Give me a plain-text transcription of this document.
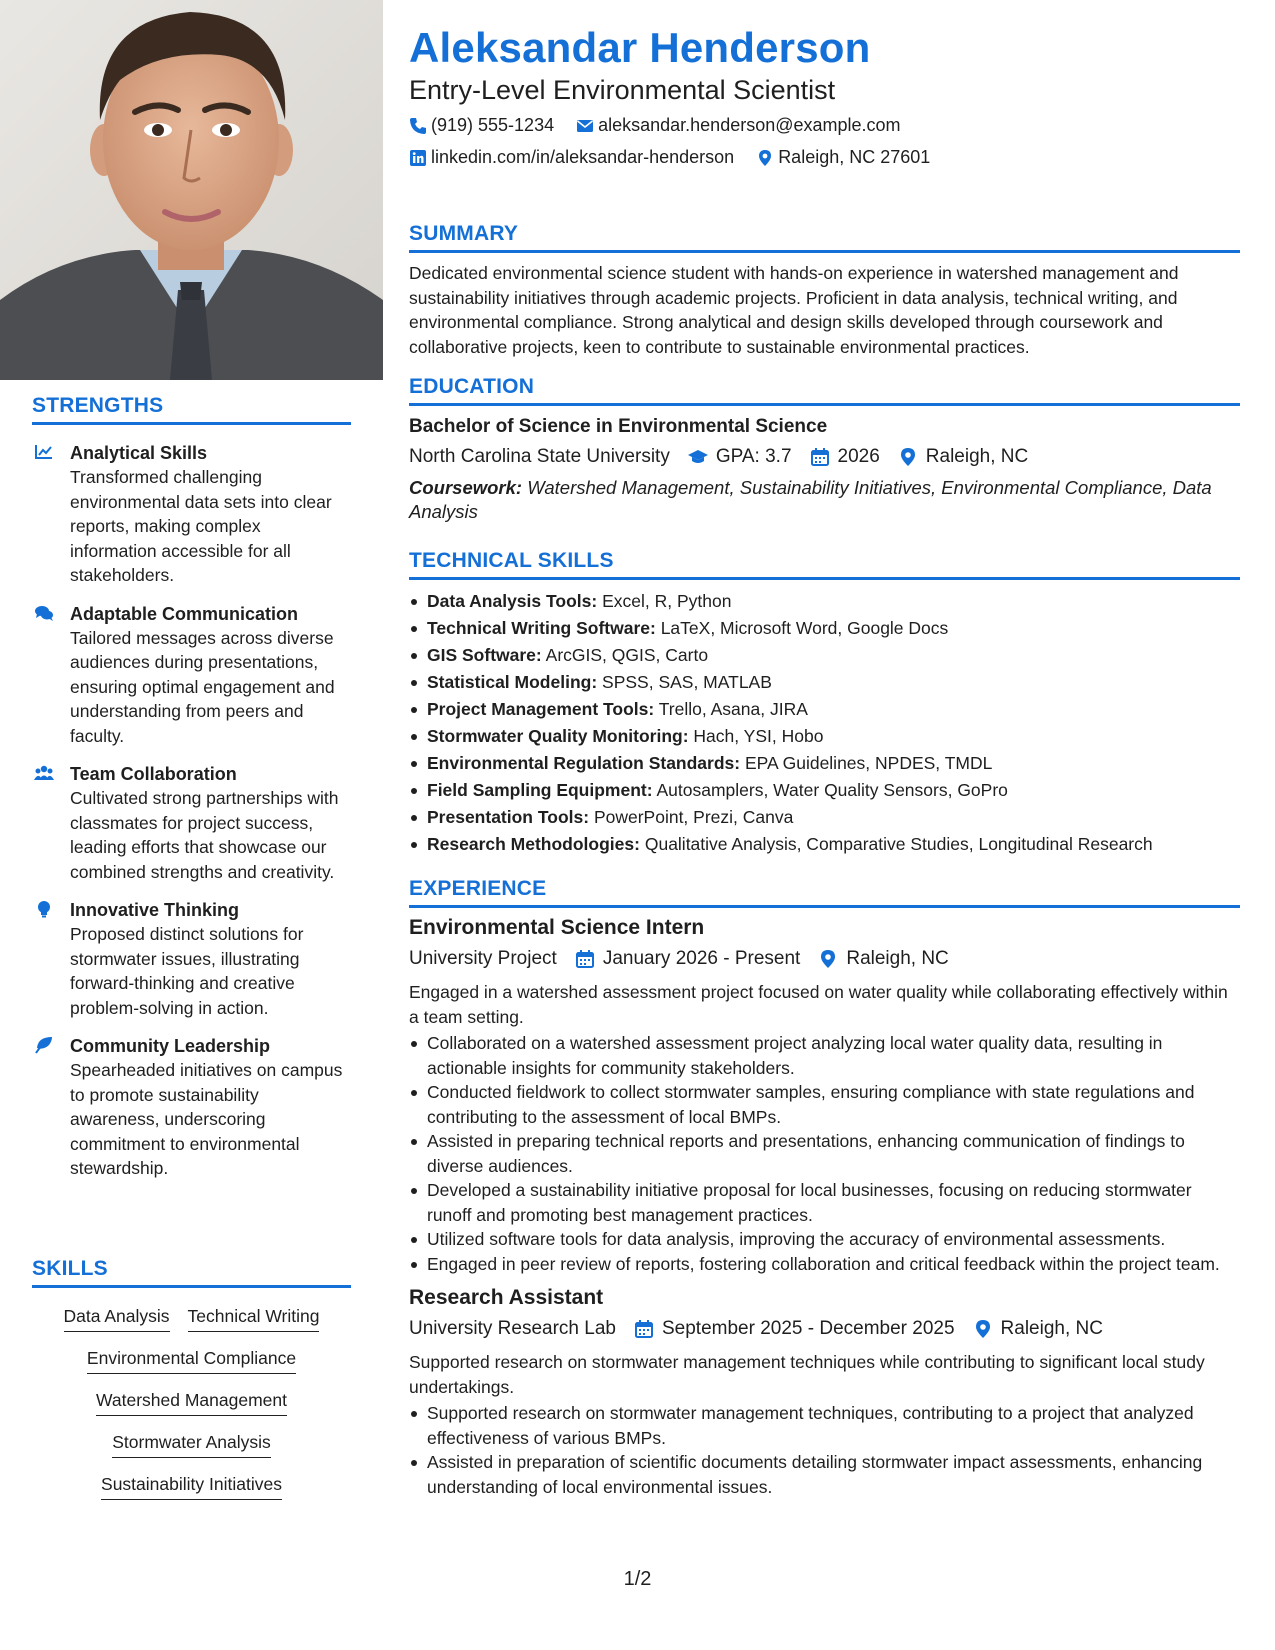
STRENGTHS
Analytical Skills
Transformed challenging environmental data sets into clear reports, making complex information accessible for all stakeholders.
Adaptable Communication
Tailored messages across diverse audiences during presentations, ensuring optimal engagement and understanding from peers and faculty.
Team Collaboration
Cultivated strong partnerships with classmates for project success, leading efforts that showcase our combined strengths and creativity.
Innovative Thinking
Proposed distinct solutions for stormwater issues, illustrating forward-thinking and creative problem-solving in action.
Community Leadership
Spearheaded initiatives on campus to promote sustainability awareness, underscoring commitment to environmental stewardship.
SKILLS
Data Analysis Technical Writing
Environmental Compliance
Watershed Management
Stormwater Analysis
Sustainability Initiatives
Aleksandar Henderson
Entry-Level Environmental Scientist
(919) 555-1234 aleksandar.henderson@example.com
linkedin.com/in/aleksandar-henderson Raleigh, NC 27601
SUMMARY
Dedicated environmental science student with hands-on experience in watershed management and sustainability initiatives through academic projects. Proficient in data analysis, technical writing, and environmental compliance. Strong analytical and design skills developed through coursework and collaborative projects, keen to contribute to sustainable environmental practices.
EDUCATION
Bachelor of Science in Environmental Science
North Carolina State University GPA: 3.7 2026 Raleigh, NC
Coursework: Watershed Management, Sustainability Initiatives, Environmental Compliance, Data Analysis
TECHNICAL SKILLS
Data Analysis Tools: Excel, R, Python
Technical Writing Software: LaTeX, Microsoft Word, Google Docs
GIS Software: ArcGIS, QGIS, Carto
Statistical Modeling: SPSS, SAS, MATLAB
Project Management Tools: Trello, Asana, JIRA
Stormwater Quality Monitoring: Hach, YSI, Hobo
Environmental Regulation Standards: EPA Guidelines, NPDES, TMDL
Field Sampling Equipment: Autosamplers, Water Quality Sensors, GoPro
Presentation Tools: PowerPoint, Prezi, Canva
Research Methodologies: Qualitative Analysis, Comparative Studies, Longitudinal Research
EXPERIENCE
Environmental Science Intern
University Project January 2026 - Present Raleigh, NC
Engaged in a watershed assessment project focused on water quality while collaborating effectively within a team setting.
Collaborated on a watershed assessment project analyzing local water quality data, resulting in actionable insights for community stakeholders.
Conducted fieldwork to collect stormwater samples, ensuring compliance with state regulations and contributing to the assessment of local BMPs.
Assisted in preparing technical reports and presentations, enhancing communication of findings to diverse audiences.
Developed a sustainability initiative proposal for local businesses, focusing on reducing stormwater runoff and promoting best management practices.
Utilized software tools for data analysis, improving the accuracy of environmental assessments.
Engaged in peer review of reports, fostering collaboration and critical feedback within the project team.
Research Assistant
University Research Lab September 2025 - December 2025 Raleigh, NC
Supported research on stormwater management techniques while contributing to significant local study undertakings.
Supported research on stormwater management techniques, contributing to a project that analyzed effectiveness of various BMPs.
Assisted in preparation of scientific documents detailing stormwater impact assessments, enhancing understanding of local environmental issues.
1/2
